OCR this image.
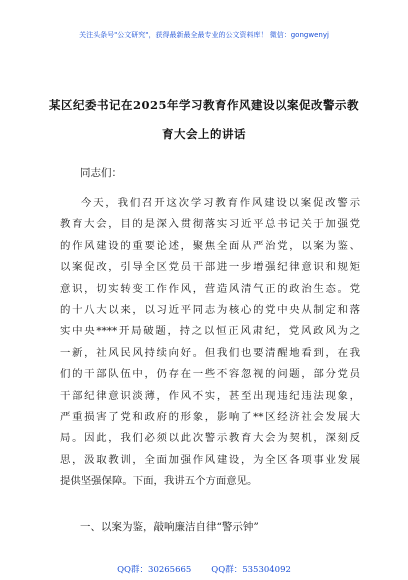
关注头条号"公文研究"，获得最新最全最专业的公文资料库！ 微信：gongwenyj
某区纪委书记在2025年学习教育作风建设以案促改警示教
育大会上的讲话
同志们：
今天，我们召开这次学习教育作风建设以案促改警示
教育大会，目的是深入贯彻落实习近平总书记关于加强党
的作风建设的重要论述，聚焦全面从严治党，以案为鉴、
以案促改，引导全区党员干部进一步增强纪律意识和规矩
意识，切实转变工作作风，营造风清气正的政治生态。党
的十八大以来，以习近平同志为核心的党中央从制定和落
实中央****开局破题，持之以恒正风肃纪，党风政风为之
一新，社风民风持续向好。但我们也要清醒地看到，在我
们的干部队伍中，仍存在一些不容忽视的问题，部分党员
干部纪律意识淡薄，作风不实，甚至出现违纪违法现象，
严重损害了党和政府的形象，影响了**区经济社会发展大
局。因此，我们必须以此次警示教育大会为契机，深刻反
思，汲取教训，全面加强作风建设，为全区各项事业发展
提供坚强保障。下面，我讲五个方面意见。
一、以案为鉴，敲响廉洁自律“警示钟”
QQ群：30265665 QQ群：535304092
